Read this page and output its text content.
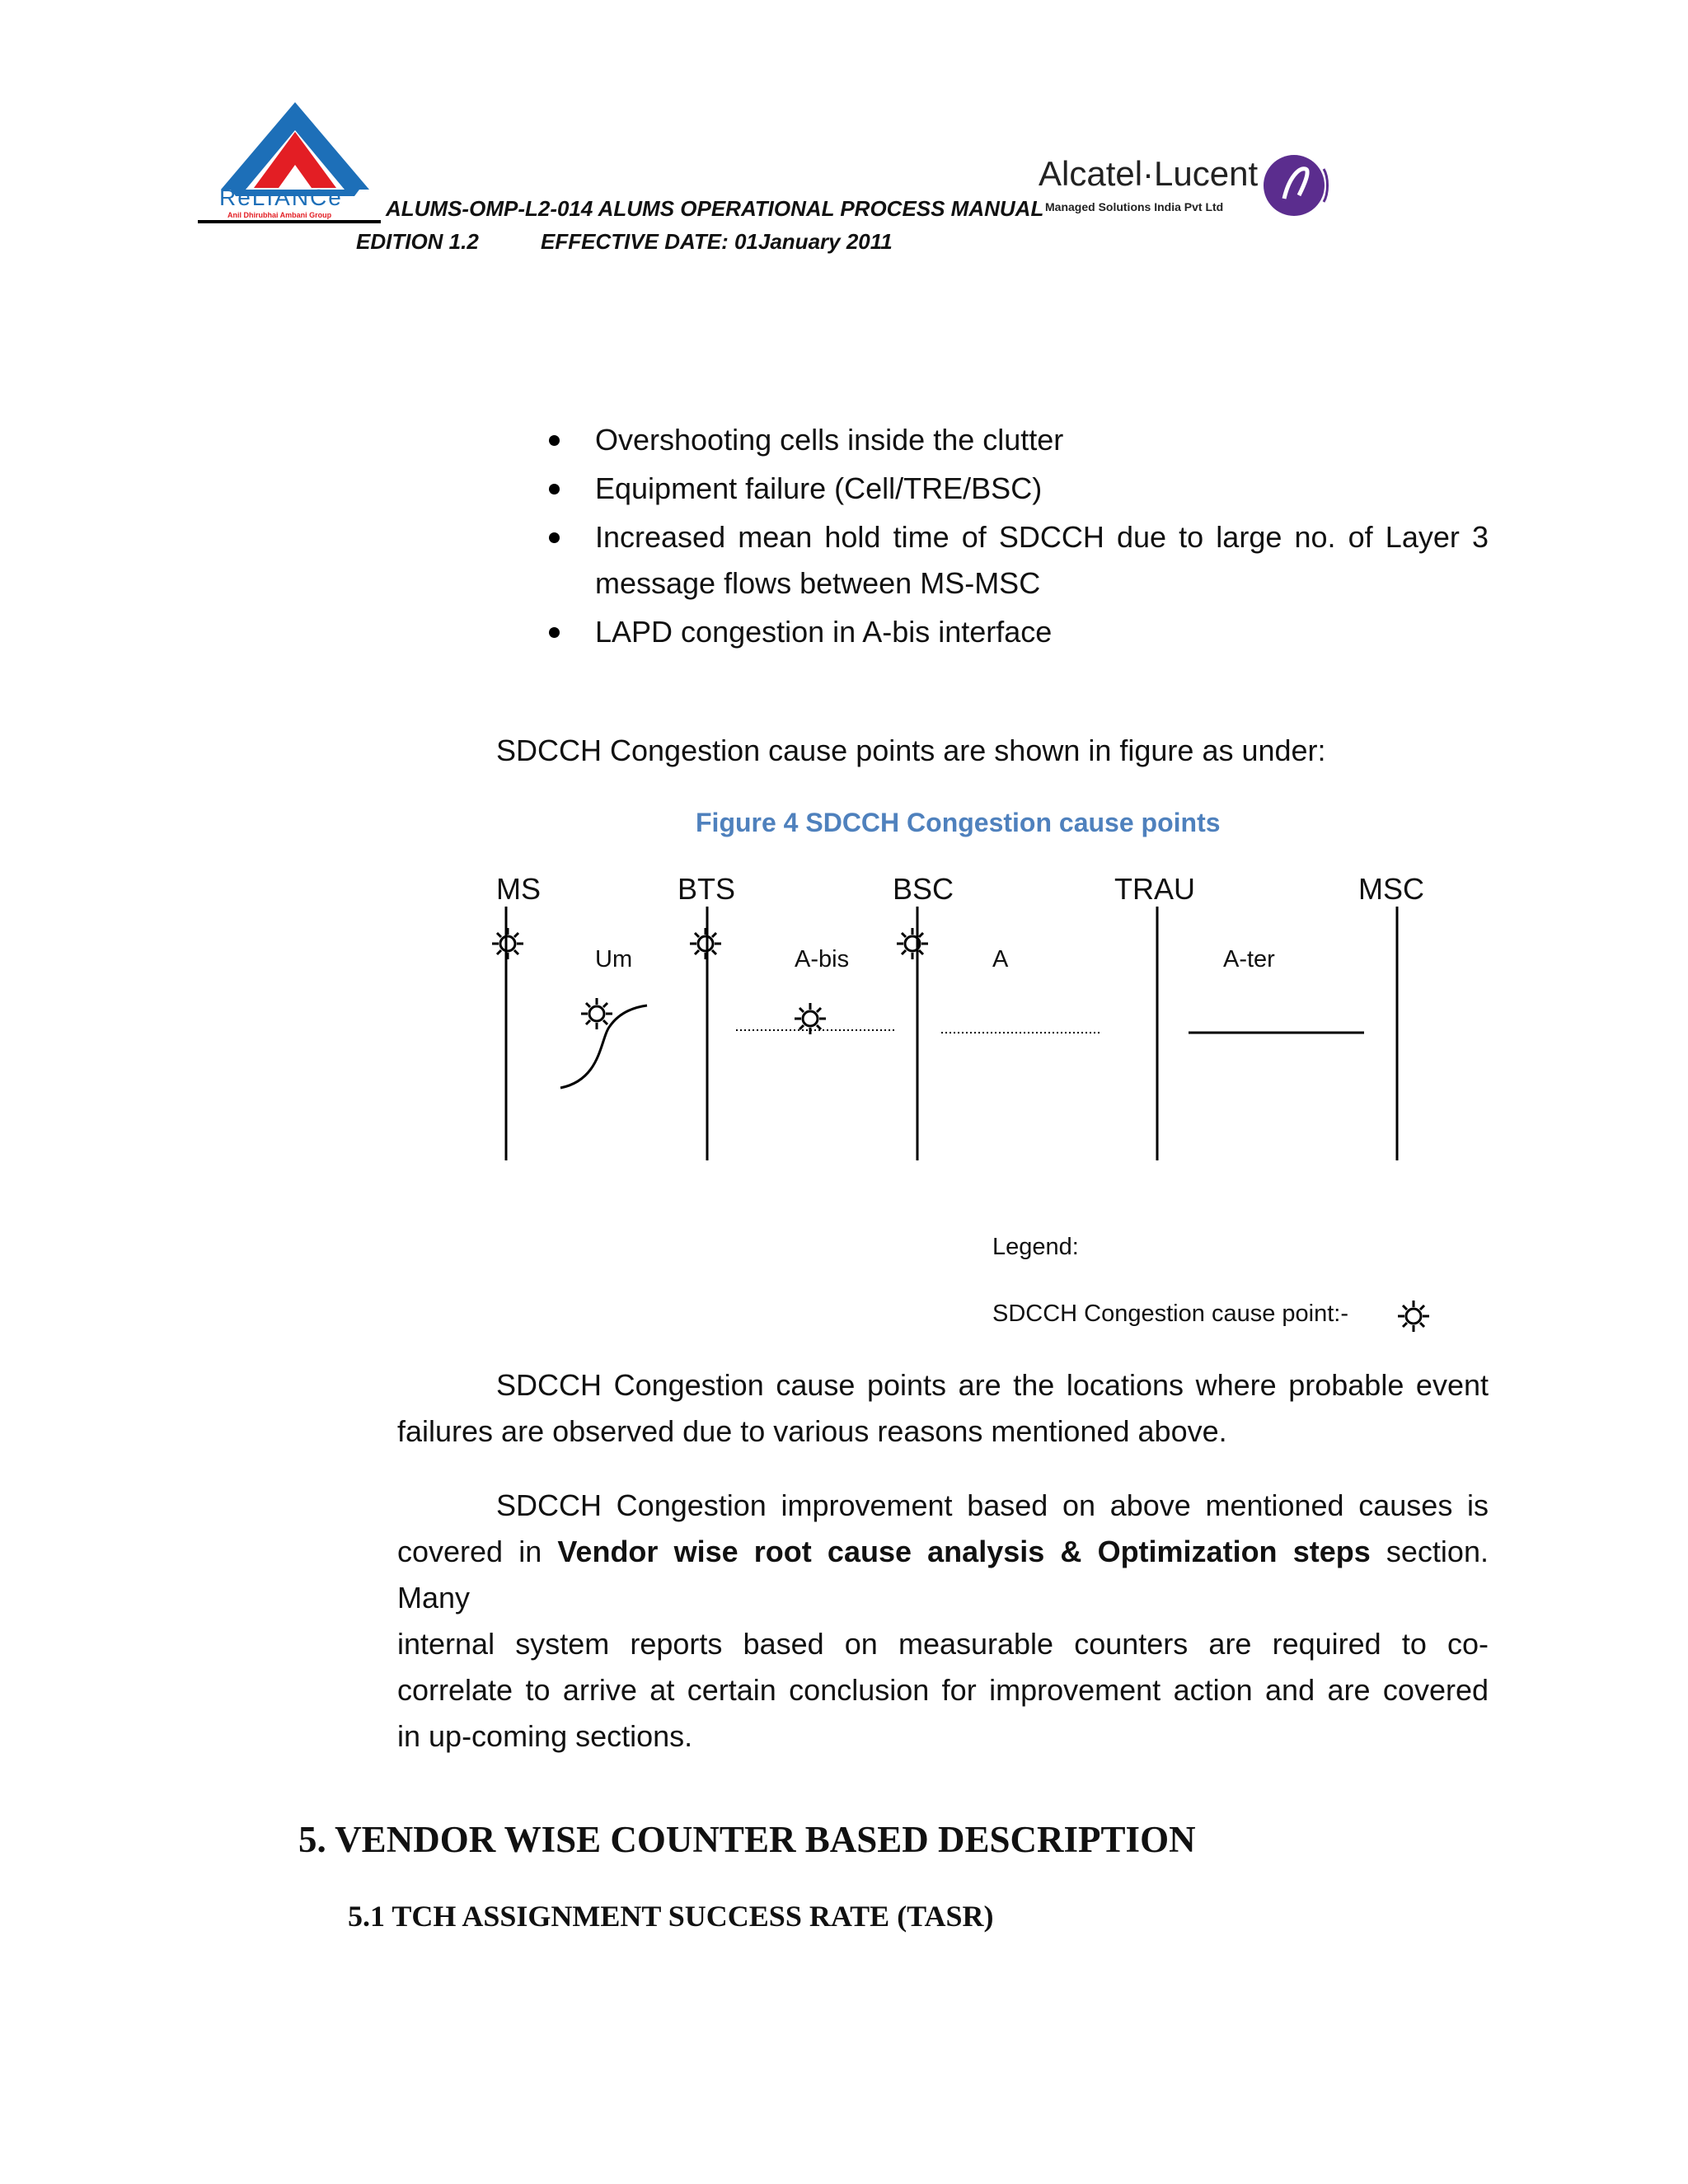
ReLIANCe
Anil Dhirubhai Ambani Group	ALUMS-OMP-L2-014 ALUMS OPERATIONAL PROCESS MANUAL
EDITION 1.2	EFFECTIVE DATE: 01January 2011
Alcatel·Lucent
Managed Solutions India Pvt Ltd
Overshooting cells inside the clutter
Equipment failure (Cell/TRE/BSC)
Increased mean hold time of SDCCH due to large no. of Layer 3
message flows between MS-MSC
LAPD congestion in A-bis interface
SDCCH Congestion cause points are shown in figure as under:
Figure 4 SDCCH Congestion cause points
MS	BTS	BSC	TRAU	MSC
Um	A-bis	A	A-ter
Legend:
SDCCH Congestion cause point:-
SDCCH Congestion cause points are the locations where probable event
failures are observed due to various reasons mentioned above.
SDCCH Congestion improvement based on above mentioned causes is
covered in Vendor wise root cause analysis & Optimization steps section. Many
internal system reports based on measurable counters are required to co-
correlate to arrive at certain conclusion for improvement action and are covered
in up-coming sections.
5. VENDOR WISE COUNTER BASED DESCRIPTION
5.1 TCH ASSIGNMENT SUCCESS RATE (TASR)
